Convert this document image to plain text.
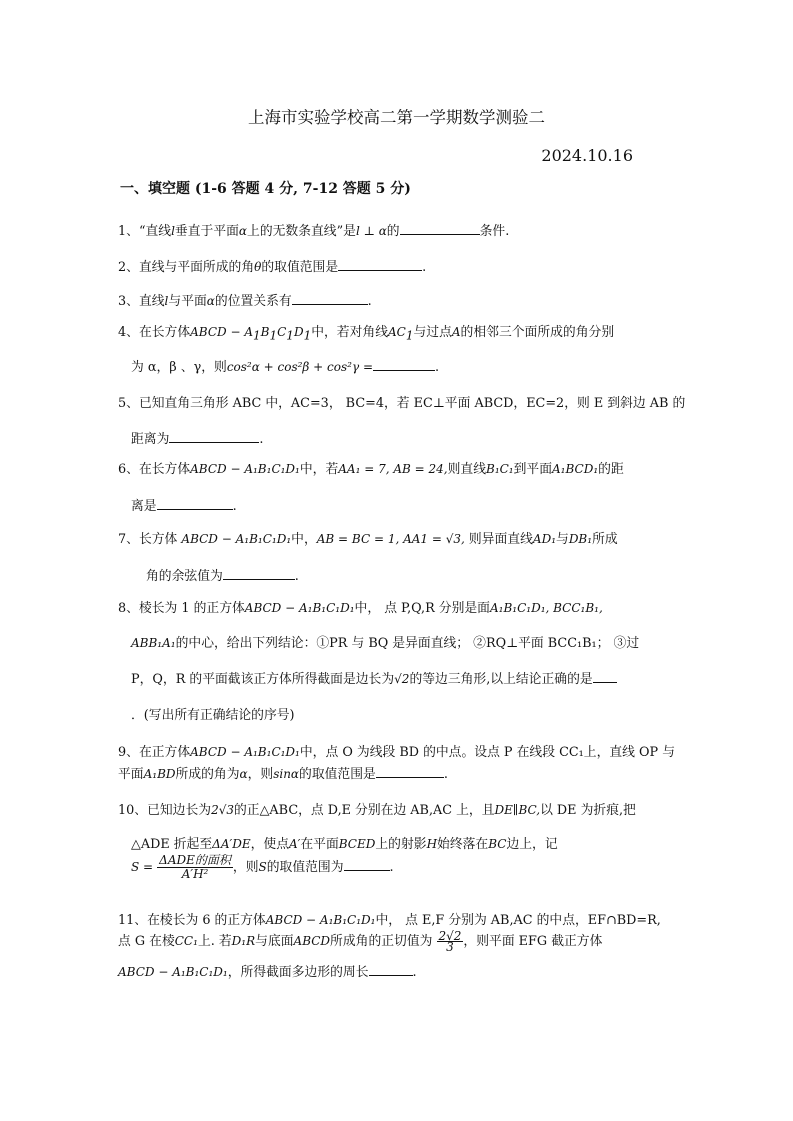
上海市实验学校高二第一学期数学测验二
2024.10.16
一、填空题 (1-6 答题 4 分, 7-12 答题 5 分)
1、“直线l垂直于平面α上的无数条直线”是l ⊥ α的	条件.
2、直线与平面所成的角θ的取值范围是	.
3、直线l与平面α的位置关系有	.
4、在长方体ABCD − $A_1B_1C_1D_1$中，若对角线$AC_1$与过点A的相邻三个面所成的角分别
为 α，β 、γ，则cos²α + cos²β + cos²γ =	.
5、已知直角三角形 ABC 中，AC=3， BC=4，若 EC⊥平面 ABCD，EC=2，则 E 到斜边 AB 的
距离为	.
6、在长方体ABCD − A₁B₁C₁D₁中，若AA₁ = 7, AB = 24,则直线B₁C₁到平面A₁BCD₁的距
离是	.
7、长方体 ABCD − A₁B₁C₁D₁中，AB = BC = 1, AA1 = √3, 则异面直线AD₁与DB₁所成
角的余弦值为	.
8、棱长为 1 的正方体ABCD − A₁B₁C₁D₁中， 点 P,Q,R 分别是面A₁B₁C₁D₁, BCC₁B₁,
ABB₁A₁的中心，给出下列结论：①PR 与 BQ 是异面直线； ②RQ⊥平面 BCC₁B₁； ③过
P，Q，R 的平面截该正方体所得截面是边长为√2的等边三角形,以上结论正确的是
．(写出所有正确结论的序号)
9、在正方体ABCD − A₁B₁C₁D₁中，点 O 为线段 BD 的中点。设点 P 在线段 CC₁上，直线 OP 与
平面A₁BD所成的角为α，则sinα的取值范围是	.
10、已知边长为2√3的正△ABC，点 D,E 分别在边 AB,AC 上，且DE∥BC,以 DE 为折痕,把
△ADE 折起至ΔA′DE，使点A′在平面BCED上的射影H始终落在BC边上，记
$S = \frac{\text{ΔADE的面积}}{\text{A′H²}}$ ，则S的取值范围为	.
11、在棱长为 6 的正方体ABCD − A₁B₁C₁D₁中， 点 E,F 分别为 AB,AC 的中点，EF∩BD=R,
点 G 在棱CC₁上. 若D₁R与底面ABCD所成角的正切值为 $\frac{2√2}{3}$ ，则平面 EFG 截正方体
ABCD − A₁B₁C₁D₁，所得截面多边形的周长	.
